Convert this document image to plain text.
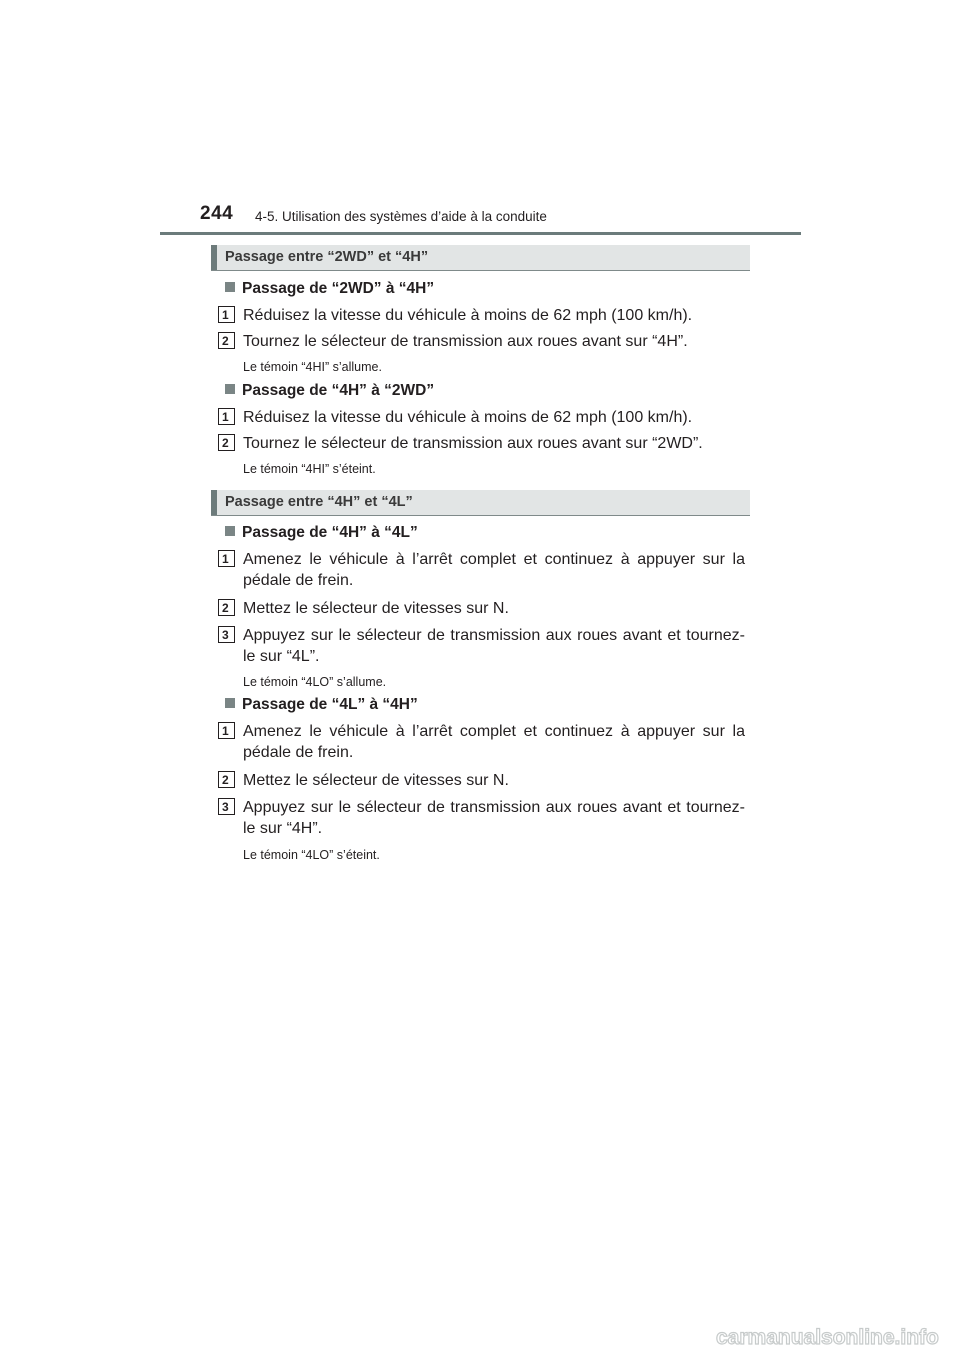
244 4-5. Utilisation des systèmes d’aide à la conduite
Passage entre “2WD” et “4H”
Passage de “2WD” à “4H”
1 Réduisez la vitesse du véhicule à moins de 62 mph (100 km/h).
2 Tournez le sélecteur de transmission aux roues avant sur “4H”.
Le témoin “4HI” s’allume.
Passage de “4H” à “2WD”
1 Réduisez la vitesse du véhicule à moins de 62 mph (100 km/h).
2 Tournez le sélecteur de transmission aux roues avant sur “2WD”.
Le témoin “4HI” s’éteint.
Passage entre “4H” et “4L”
Passage de “4H” à “4L”
1 Amenez le véhicule à l’arrêt complet et continuez à appuyer sur la pédale de frein.
2 Mettez le sélecteur de vitesses sur N.
3 Appuyez sur le sélecteur de transmission aux roues avant et tournez-le sur “4L”.
Le témoin “4LO” s’allume.
Passage de “4L” à “4H”
1 Amenez le véhicule à l’arrêt complet et continuez à appuyer sur la pédale de frein.
2 Mettez le sélecteur de vitesses sur N.
3 Appuyez sur le sélecteur de transmission aux roues avant et tournez-le sur “4H”.
Le témoin “4LO” s’éteint.
carmanualsonline.info
